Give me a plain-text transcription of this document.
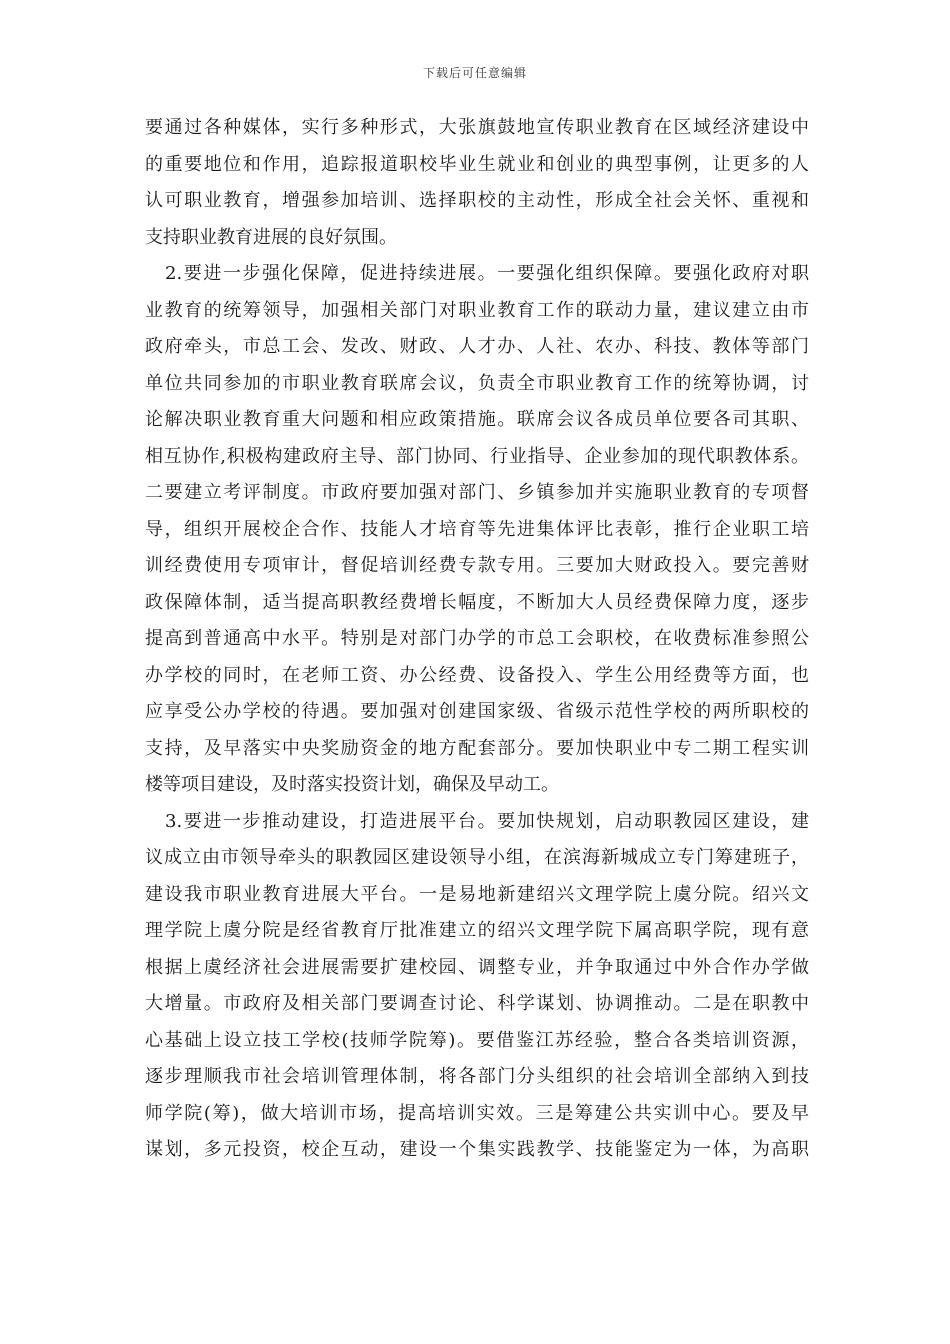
下载后可任意编辑
要通过各种媒体，实行多种形式，大张旗鼓地宣传职业教育在区域经济建设中
的重要地位和作用，追踪报道职校毕业生就业和创业的典型事例，让更多的人
认可职业教育，增强参加培训、选择职校的主动性，形成全社会关怀、重视和
支持职业教育进展的良好氛围。
2.要进一步强化保障，促进持续进展。一要强化组织保障。要强化政府对职
业教育的统筹领导，加强相关部门对职业教育工作的联动力量，建议建立由市
政府牵头，市总工会、发改、财政、人才办、人社、农办、科技、教体等部门
单位共同参加的市职业教育联席会议，负责全市职业教育工作的统筹协调，讨
论解决职业教育重大问题和相应政策措施。联席会议各成员单位要各司其职、
相互协作,积极构建政府主导、部门协同、行业指导、企业参加的现代职教体系。
二要建立考评制度。市政府要加强对部门、乡镇参加并实施职业教育的专项督
导，组织开展校企合作、技能人才培育等先进集体评比表彰，推行企业职工培
训经费使用专项审计，督促培训经费专款专用。三要加大财政投入。要完善财
政保障体制，适当提高职教经费增长幅度，不断加大人员经费保障力度，逐步
提高到普通高中水平。特别是对部门办学的市总工会职校，在收费标准参照公
办学校的同时，在老师工资、办公经费、设备投入、学生公用经费等方面，也
应享受公办学校的待遇。要加强对创建国家级、省级示范性学校的两所职校的
支持，及早落实中央奖励资金的地方配套部分。要加快职业中专二期工程实训
楼等项目建设，及时落实投资计划，确保及早动工。
3.要进一步推动建设，打造进展平台。要加快规划，启动职教园区建设，建
议成立由市领导牵头的职教园区建设领导小组，在滨海新城成立专门筹建班子，
建设我市职业教育进展大平台。一是易地新建绍兴文理学院上虞分院。绍兴文
理学院上虞分院是经省教育厅批准建立的绍兴文理学院下属高职学院，现有意
根据上虞经济社会进展需要扩建校园、调整专业，并争取通过中外合作办学做
大增量。市政府及相关部门要调查讨论、科学谋划、协调推动。二是在职教中
心基础上设立技工学校(技师学院筹)。要借鉴江苏经验，整合各类培训资源，
逐步理顺我市社会培训管理体制，将各部门分头组织的社会培训全部纳入到技
师学院(筹)，做大培训市场，提高培训实效。三是筹建公共实训中心。要及早
谋划，多元投资，校企互动，建设一个集实践教学、技能鉴定为一体，为高职
